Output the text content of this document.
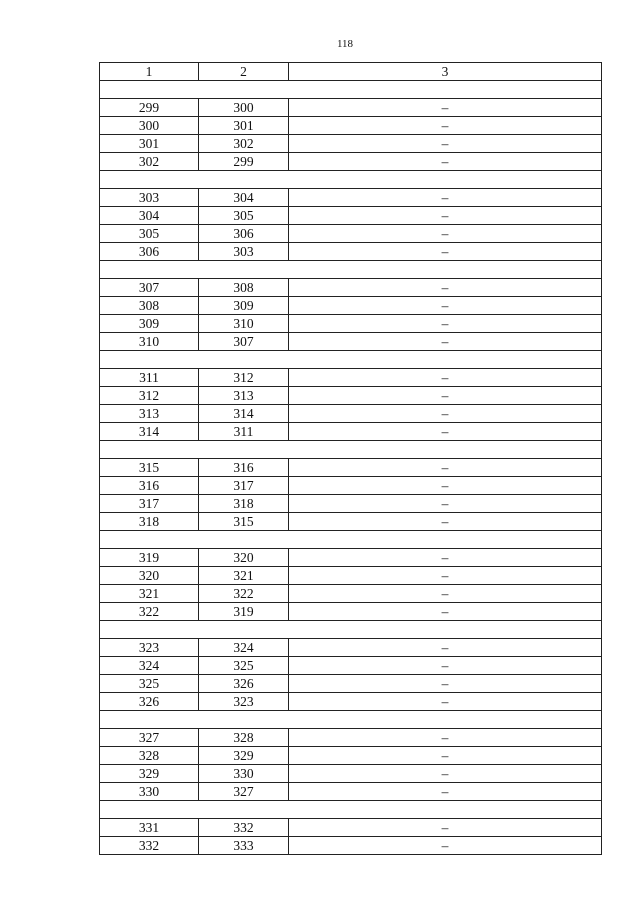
118
1	2	3

299	300	–
300	301	–
301	302	–
302	299	–

303	304	–
304	305	–
305	306	–
306	303	–

307	308	–
308	309	–
309	310	–
310	307	–

311	312	–
312	313	–
313	314	–
314	311	–

315	316	–
316	317	–
317	318	–
318	315	–

319	320	–
320	321	–
321	322	–
322	319	–

323	324	–
324	325	–
325	326	–
326	323	–

327	328	–
328	329	–
329	330	–
330	327	–

331	332	–
332	333	–
